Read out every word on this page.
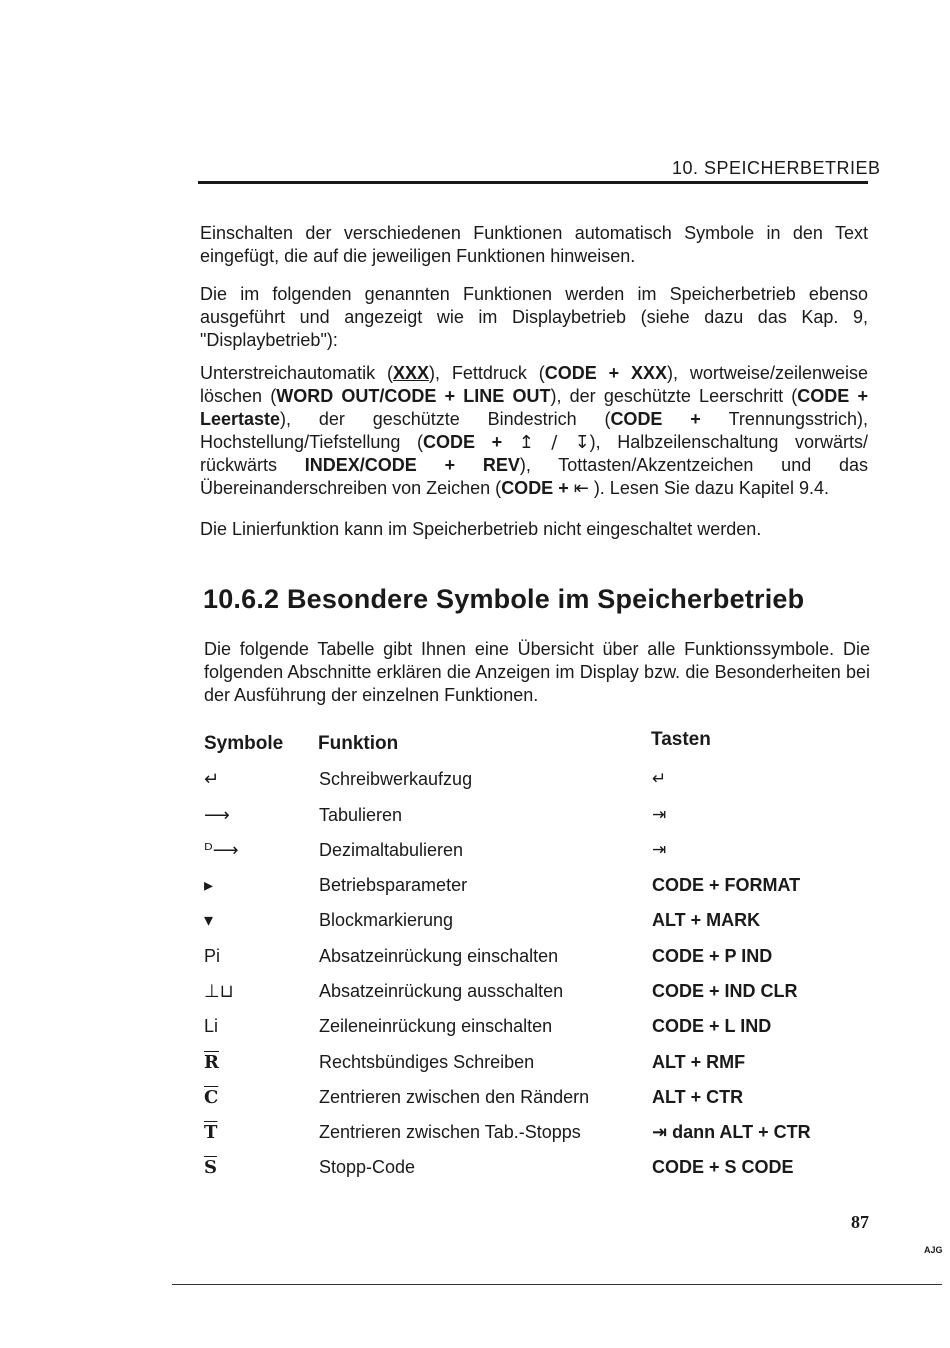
10. SPEICHERBETRIEB

Einschalten der verschiedenen Funktionen automatisch Symbole in den Text eingefügt, die auf die jeweiligen Funktionen hinweisen.

Die im folgenden genannten Funktionen werden im Speicherbetrieb ebenso ausgeführt und angezeigt wie im Displaybetrieb (siehe dazu das Kap. 9, "Displaybetrieb"):

Unterstreichautomatik (XXX), Fettdruck (CODE + XXX), wortweise/zeilenweise löschen (WORD OUT/CODE + LINE OUT), der geschützte Leerschritt (CODE + Leertaste), der geschützte Bindestrich (CODE + Trennungsstrich), Hochstellung/Tiefstellung (CODE + ↥ / ↧), Halbzeilenschaltung vorwärts/ rückwärts INDEX/CODE + REV), Tottasten/Akzentzeichen und das Übereinanderschreiben von Zeichen (CODE + ⇤ ). Lesen Sie dazu Kapitel 9.4.

Die Linierfunktion kann im Speicherbetrieb nicht eingeschaltet werden.

10.6.2 Besondere Symbole im Speicherbetrieb

Die folgende Tabelle gibt Ihnen eine Übersicht über alle Funktionssymbole. Die folgenden Abschnitte erklären die Anzeigen im Display bzw. die Besonderheiten bei der Ausführung der einzelnen Funktionen.

Symbole Funktion	Tasten
↵	Schreibwerkaufzug	↵
⟶	Tabulieren	⇥
ᴰ⟶	Dezimaltabulieren	⇥
▸	Betriebsparameter	CODE + FORMAT
▾	Blockmarkierung	ALT + MARK
Pi	Absatzeinrückung einschalten	CODE + P IND
⊥⊔	Absatzeinrückung ausschalten	CODE + IND CLR
Li	Zeileneinrückung einschalten	CODE + L IND
$\overline{R}$	Rechtsbündiges Schreiben	ALT + RMF
$\overline{C}$	Zentrieren zwischen den Rändern	ALT + CTR
$\overline{T}$	Zentrieren zwischen Tab.-Stopps	⇥ dann ALT + CTR
$\overline{S}$	Stopp-Code	CODE + S CODE
87
AJG
